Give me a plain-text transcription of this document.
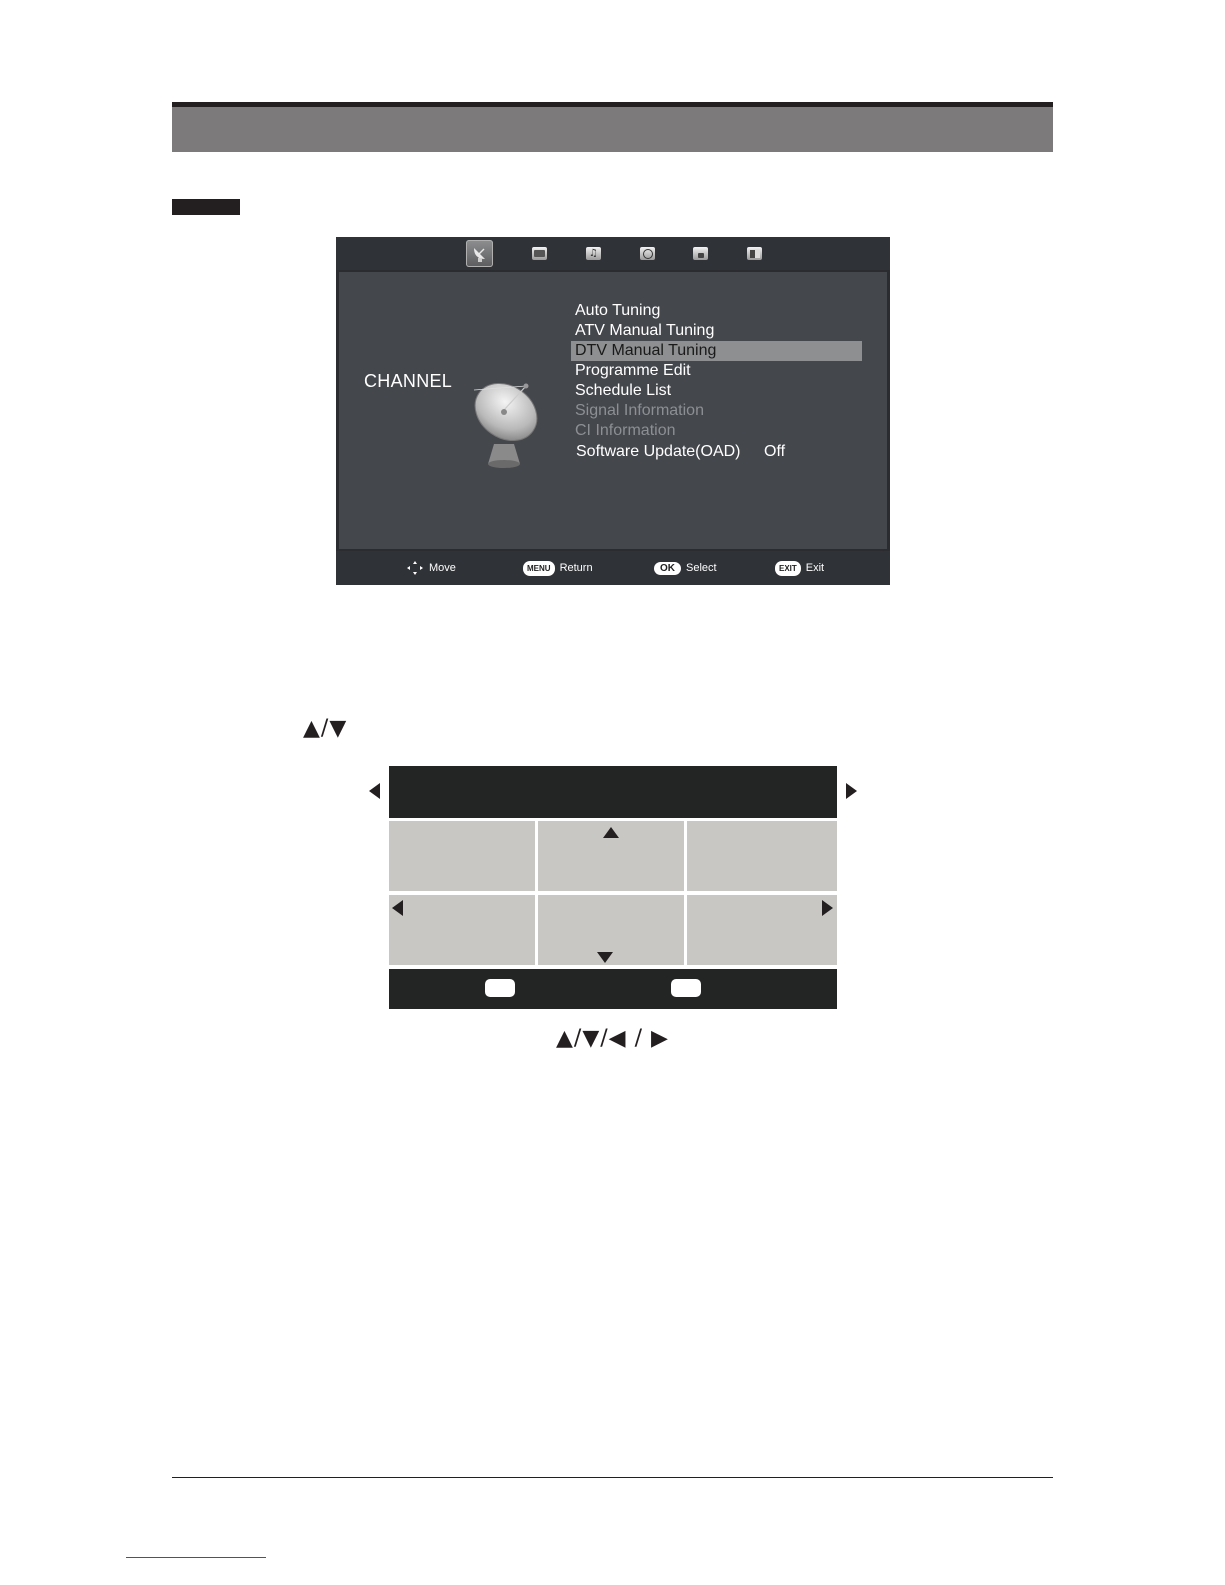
♫
CHANNEL
Auto Tuning
ATV Manual Tuning
DTV Manual Tuning
Programme Edit
Schedule List
Signal Information
CI Information
Software Update(OAD) Off
Move	MENU Return	OK	Select	EXIT Exit
▲/▼
▲/▼/◀ / ▶
